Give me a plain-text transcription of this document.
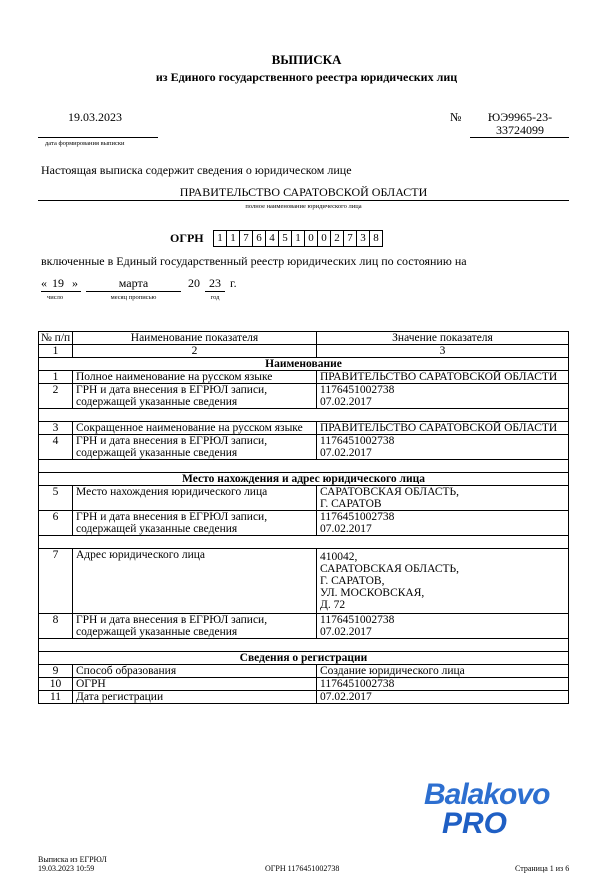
ВЫПИСКА
из Единого государственного реестра юридических лиц
19.03.2023
дата формирования выписки
№	ЮЭ9965-23-
33724099
Настоящая выписка содержит сведения о юридическом лице
ПРАВИТЕЛЬСТВО САРАТОВСКОЙ ОБЛАСТИ
полное наименование юридического лица
ОГРН	1 1 7 6 4 5 1 0 0 2 7 3 8
включенные в Единый государственный реестр юридических лиц по состоянию на
« 19 »
число
марта
месяц прописью
20 23
год
г.
№ п/п	Наименование показателя	Значение показателя
1	2	3
Наименование		
1	Полное наименование на русском языке	ПРАВИТЕЛЬСТВО САРАТОВСКОЙ ОБЛАСТИ
2	ГРН и дата внесения в ЕГРЮЛ записи, содержащей указанные сведения	1176451002738
07.02.2017

3	Сокращенное наименование на русском языке	ПРАВИТЕЛЬСТВО САРАТОВСКОЙ ОБЛАСТИ
4	ГРН и дата внесения в ЕГРЮЛ записи, содержащей указанные сведения	1176451002738
07.02.2017

Место нахождения и адрес юридического лица		
5	Место нахождения юридического лица	САРАТОВСКАЯ ОБЛАСТЬ,
Г. САРАТОВ

6	ГРН и дата внесения в ЕГРЮЛ записи, содержащей указанные сведения	1176451002738
07.02.2017

7	Адрес юридического лица	410042,
САРАТОВСКАЯ ОБЛАСТЬ,
Г. САРАТОВ,
УЛ. МОСКОВСКАЯ,
Д. 72

8	ГРН и дата внесения в ЕГРЮЛ записи, содержащей указанные сведения	1176451002738
07.02.2017

Сведения о регистрации		
9	Способ образования	Создание юридического лица
10	ОГРН	1176451002738
11	Дата регистрации	07.02.2017
Balakovo
PRO
Выписка из ЕГРЮЛ
19.03.2023 10:59	ОГРН 1176451002738	Страница 1 из 6
